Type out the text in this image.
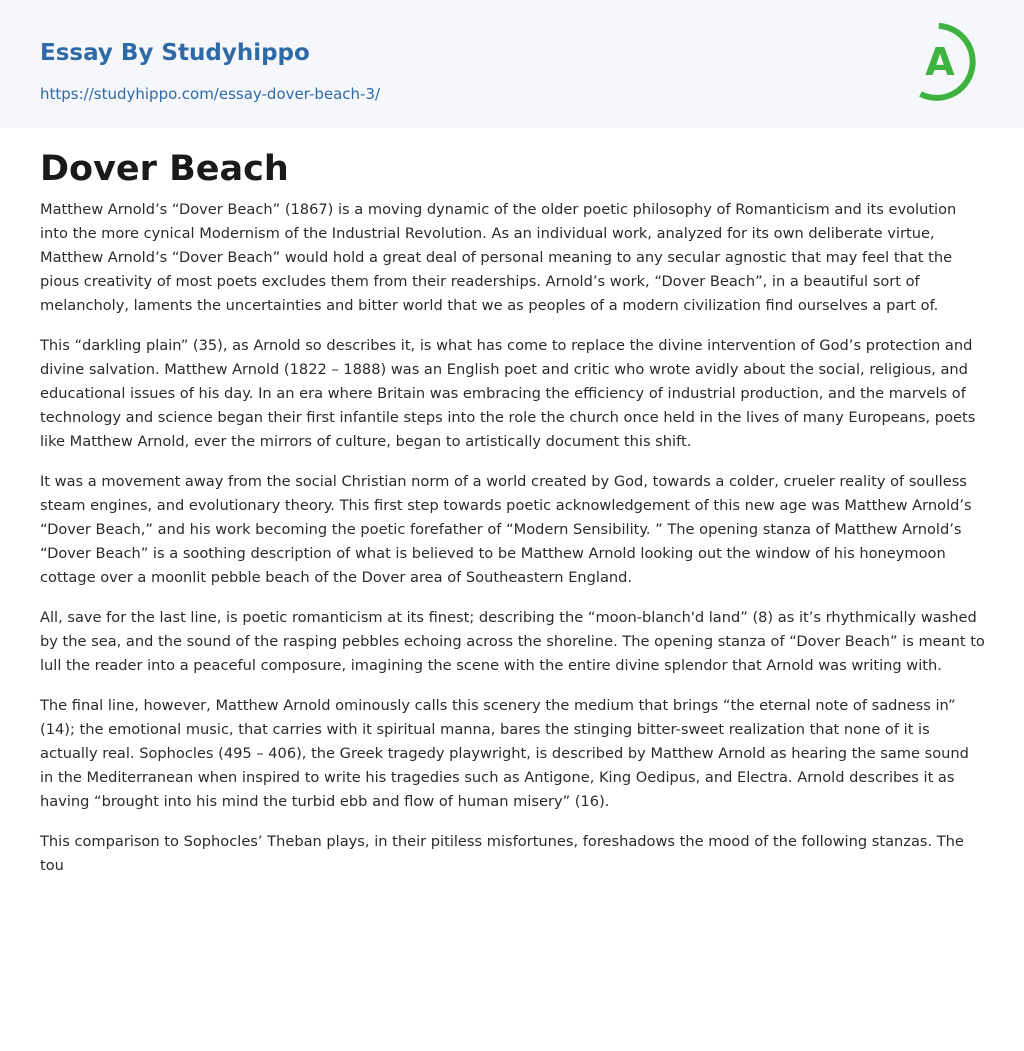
Essay By Studyhippo
https://studyhippo.com/essay-dover-beach-3/
A
Dover Beach

Matthew Arnold’s “Dover Beach” (1867) is a moving dynamic of the older poetic philosophy of Romanticism and its evolution into the more cynical Modernism of the Industrial Revolution. As an individual work, analyzed for its own deliberate virtue, Matthew Arnold’s “Dover Beach” would hold a great deal of personal meaning to any secular agnostic that may feel that the pious creativity of most poets excludes them from their readerships. Arnold’s work, “Dover Beach”, in a beautiful sort of melancholy, laments the uncertainties and bitter world that we as peoples of a modern civilization find ourselves a part of.

This “darkling plain” (35), as Arnold so describes it, is what has come to replace the divine intervention of God’s protection and divine salvation. Matthew Arnold (1822 – 1888) was an English poet and critic who wrote avidly about the social, religious, and educational issues of his day. In an era where Britain was embracing the efficiency of industrial production, and the marvels of technology and science began their first infantile steps into the role the church once held in the lives of many Europeans, poets like Matthew Arnold, ever the mirrors of culture, began to artistically document this shift.

It was a movement away from the social Christian norm of a world created by God, towards a colder, crueler reality of soulless steam engines, and evolutionary theory. This first step towards poetic acknowledgement of this new age was Matthew Arnold’s “Dover Beach,” and his work becoming the poetic forefather of “Modern Sensibility. ” The opening stanza of Matthew Arnold’s “Dover Beach” is a soothing description of what is believed to be Matthew Arnold looking out the window of his honeymoon cottage over a moonlit pebble beach of the Dover area of Southeastern England.

All, save for the last line, is poetic romanticism at its finest; describing the “moon-blanch'd land” (8) as it’s rhythmically washed by the sea, and the sound of the rasping pebbles echoing across the shoreline. The opening stanza of “Dover Beach” is meant to lull the reader into a peaceful composure, imagining the scene with the entire divine splendor that Arnold was writing with.

The final line, however, Matthew Arnold ominously calls this scenery the medium that brings “the eternal note of sadness in” (14); the emotional music, that carries with it spiritual manna, bares the stinging bitter-sweet realization that none of it is actually real. Sophocles (495 – 406), the Greek tragedy playwright, is described by Matthew Arnold as hearing the same sound in the Mediterranean when inspired to write his tragedies such as Antigone, King Oedipus, and Electra. Arnold describes it as having “brought into his mind the turbid ebb and flow of human misery” (16).

This comparison to Sophocles’ Theban plays, in their pitiless misfortunes, foreshadows the mood of the following stanzas. The tou
